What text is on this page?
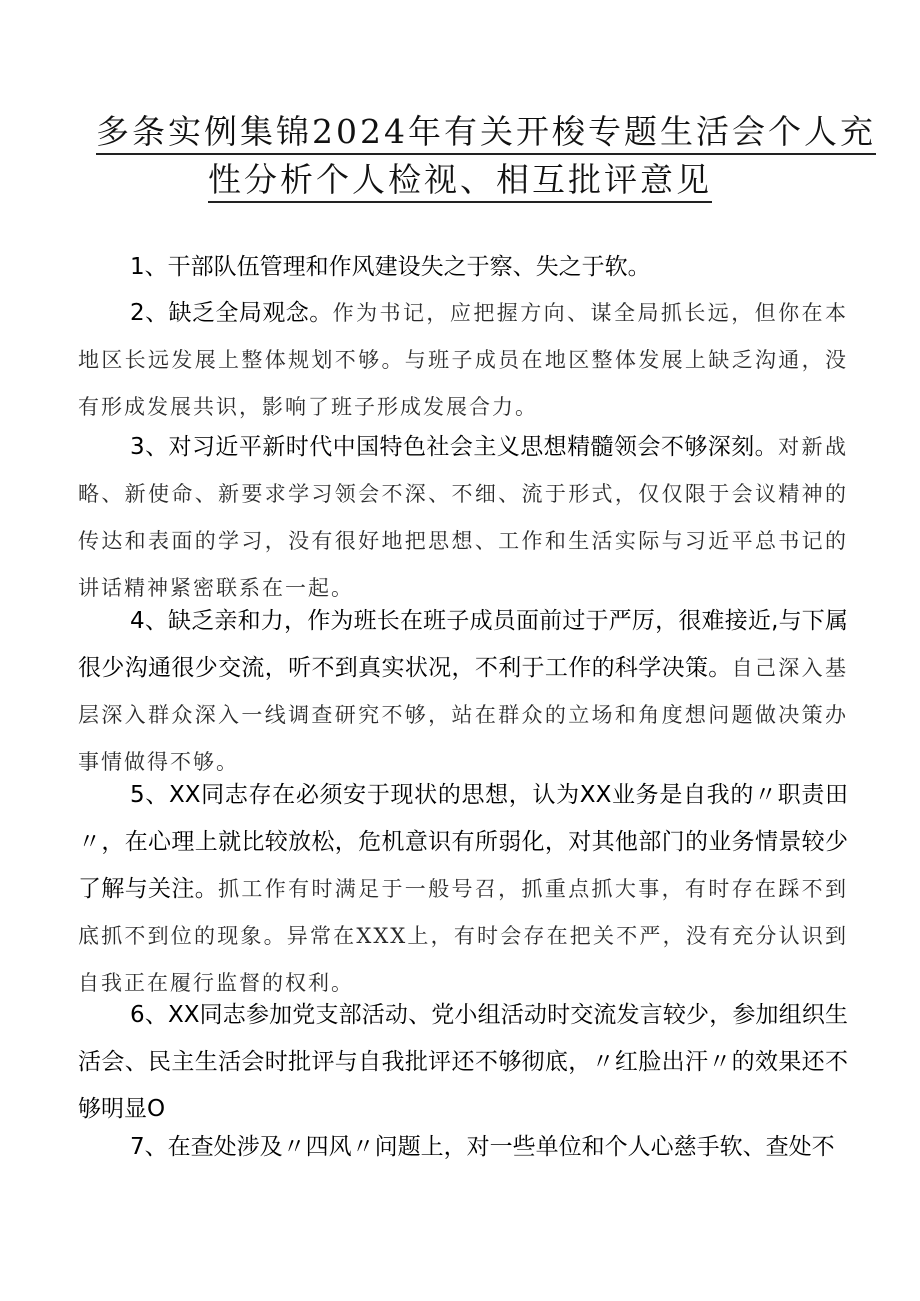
多条实例集锦2024年有关开梭专题生活会个人充
性分析个人检视、相互批评意见
1、干部队伍管理和作风建设失之于察、失之于软。
2、缺乏全局观念。作为书记，应把握方向、谋全局抓长远，但你在本地区长远发展上整体规划不够。与班子成员在地区整体发展上缺乏沟通，没有形成发展共识，影响了班子形成发展合力。
3、对习近平新时代中国特色社会主义思想精髓领会不够深刻。对新战略、新使命、新要求学习领会不深、不细、流于形式，仅仅限于会议精神的传达和表面的学习，没有很好地把思想、工作和生活实际与习近平总书记的讲话精神紧密联系在一起。
4、缺乏亲和力，作为班长在班子成员面前过于严厉，很难接近,与下属很少沟通很少交流，听不到真实状况，不利于工作的科学决策。自己深入基层深入群众深入一线调查研究不够，站在群众的立场和角度想问题做决策办事情做得不够。
5、XX同志存在必须安于现状的思想，认为XX业务是自我的〃职责田〃，在心理上就比较放松，危机意识有所弱化，对其他部门的业务情景较少了解与关注。抓工作有时满足于一般号召，抓重点抓大事，有时存在踩不到底抓不到位的现象。异常在XXX上，有时会存在把关不严，没有充分认识到自我正在履行监督的权利。
6、XX同志参加党支部活动、党小组活动时交流发言较少，参加组织生活会、民主生活会时批评与自我批评还不够彻底，〃红脸出汗〃的效果还不够明显O
7、在查处涉及〃四风〃问题上，对一些单位和个人心慈手软、查处不
